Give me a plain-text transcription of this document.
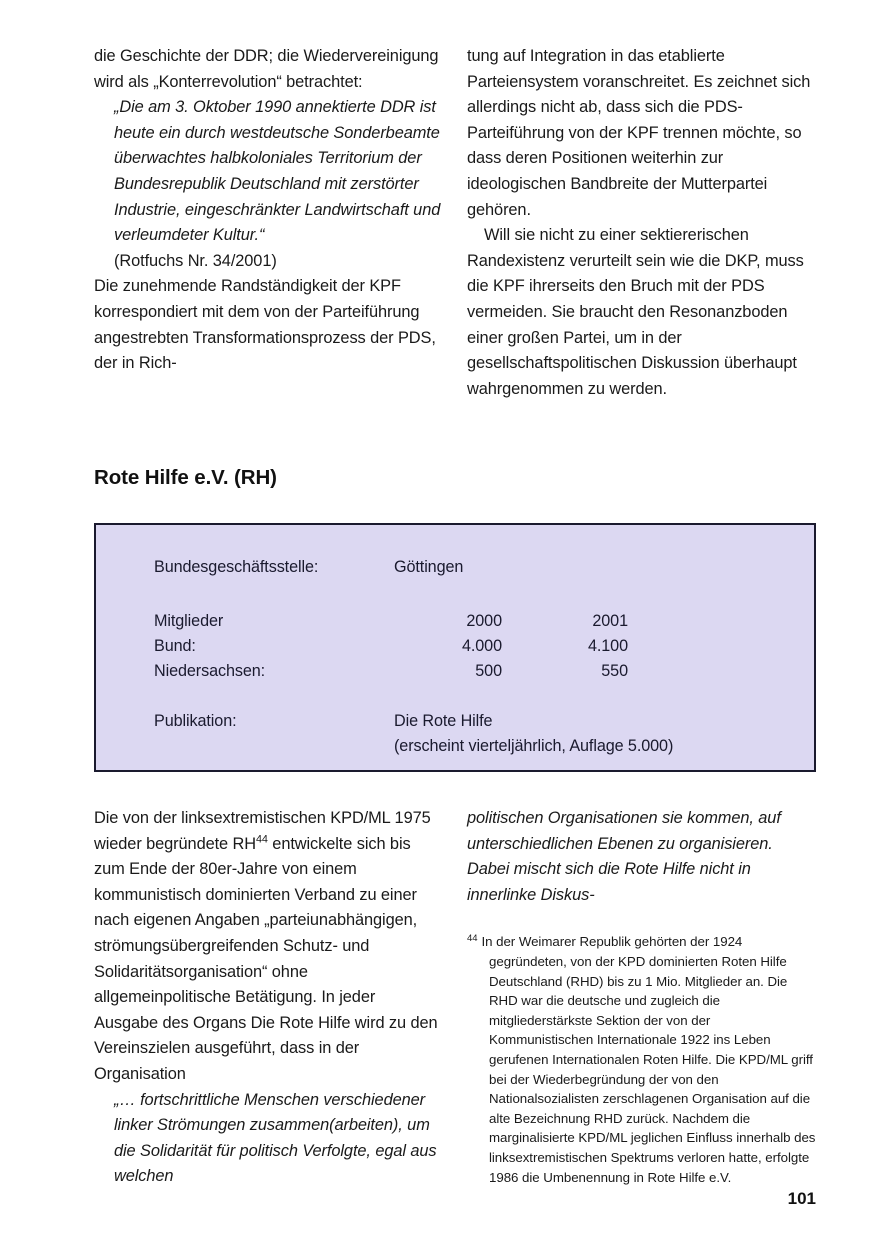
die Geschichte der DDR; die Wiedervereinigung wird als „Konterrevolution“ betrachtet:

„Die am 3. Oktober 1990 annektierte DDR ist heute ein durch westdeutsche Sonderbeamte überwachtes halbkoloniales Territorium der Bundesrepublik Deutschland mit zerstörter Industrie, eingeschränkter Landwirtschaft und verleumdeter Kultur.“

(Rotfuchs Nr. 34/2001)

Die zunehmende Randständigkeit der KPF korrespondiert mit dem von der Parteiführung angestrebten Transformationsprozess der PDS, der in Rich-

tung auf Integration in das etablierte Parteiensystem voranschreitet. Es zeichnet sich allerdings nicht ab, dass sich die PDS-Parteiführung von der KPF trennen möchte, so dass deren Positionen weiterhin zur ideologischen Bandbreite der Mutterpartei gehören.

Will sie nicht zu einer sektiererischen Randexistenz verurteilt sein wie die DKP, muss die KPF ihrerseits den Bruch mit der PDS vermeiden. Sie braucht den Resonanzboden einer großen Partei, um in der gesellschaftspolitischen Diskussion überhaupt wahrgenommen zu werden.

Rote Hilfe e.V. (RH)
Bundesgeschäftsstelle:	Göttingen
Mitglieder	2000	2001
Bund:	4.000	4.100
Niedersachsen:	500	550
Publikation:	Die Rote Hilfe
(erscheint vierteljährlich, Auflage 5.000)

Die von der linksextremistischen KPD/ML 1975 wieder begründete RH$^{44}$ entwickelte sich bis zum Ende der 80er-Jahre von einem kommunistisch dominierten Verband zu einer nach eigenen Angaben „parteiunabhängigen, strömungsübergreifenden Schutz- und Solidaritätsorganisation“ ohne allgemeinpolitische Betätigung. In jeder Ausgabe des Organs Die Rote Hilfe wird zu den Vereinszielen ausgeführt, dass in der Organisation

„… fortschrittliche Menschen verschiedener linker Strömungen zusammen(arbeiten), um die Solidarität für politisch Verfolgte, egal aus welchen

politischen Organisationen sie kommen, auf unterschiedlichen Ebenen zu organisieren. Dabei mischt sich die Rote Hilfe nicht in innerlinke Diskus-

$^{44}$ In der Weimarer Republik gehörten der 1924 gegründeten, von der KPD dominierten Roten Hilfe Deutschland (RHD) bis zu 1 Mio. Mitglieder an. Die RHD war die deutsche und zugleich die mitgliederstärkste Sektion der von der Kommunistischen Internationale 1922 ins Leben gerufenen Internationalen Roten Hilfe. Die KPD/ML griff bei der Wiederbegründung der von den Nationalsozialisten zerschlagenen Organisation auf die alte Bezeichnung RHD zurück. Nachdem die marginalisierte KPD/ML jeglichen Einfluss innerhalb des linksextremistischen Spektrums verloren hatte, erfolgte 1986 die Umbenennung in Rote Hilfe e.V.

101
